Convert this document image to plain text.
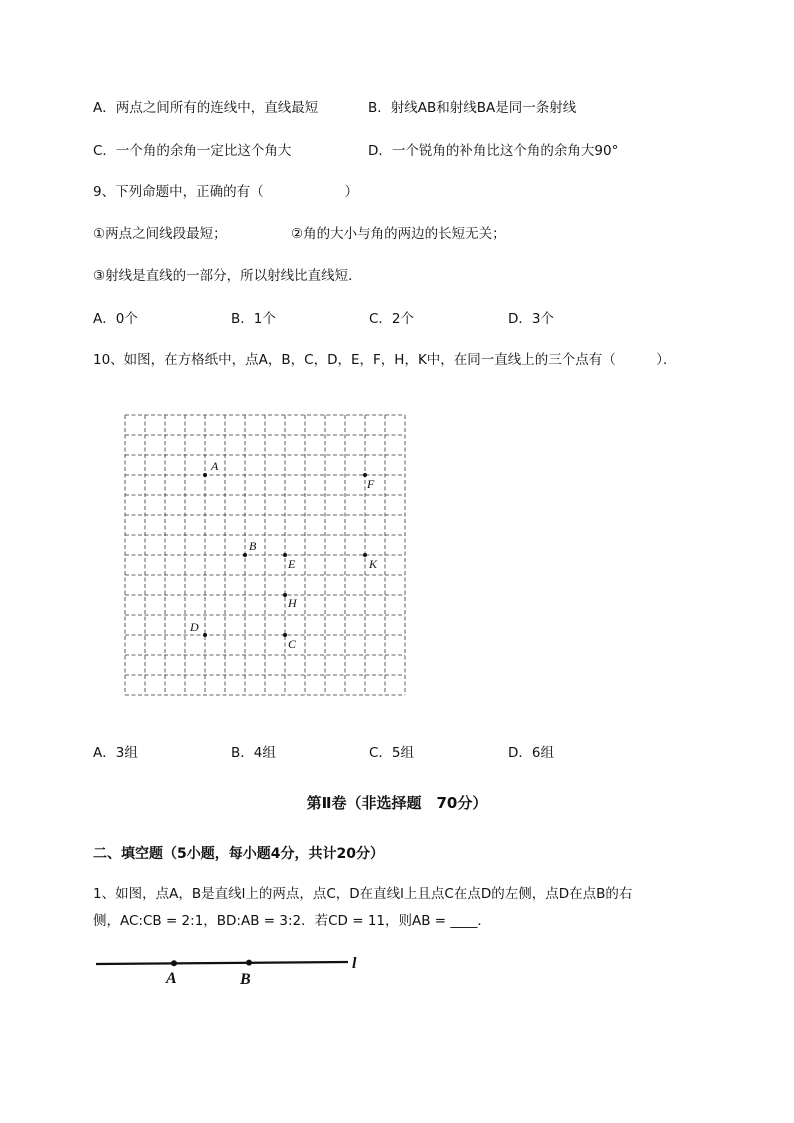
A．两点之间所有的连线中，直线最短	B．射线AB和射线BA是同一条射线
C．一个角的余角一定比这个角大	D．一个锐角的补角比这个角的余角大90°
9、下列命题中，正确的有（　　　　　　）
①两点之间线段最短；	②角的大小与角的两边的长短无关；
③射线是直线的一部分，所以射线比直线短．
A．0个	B．1个	C．2个	D．3个
10、如图，在方格纸中，点A，B，C，D，E，F，H，K中，在同一直线上的三个点有（　　　）．
A
F
B
E	K
H
D
C
A．3组	B．4组	C．5组	D．6组
第Ⅱ卷（非选择题　70分）
二、填空题（5小题，每小题4分，共计20分）
1、如图，点A，B是直线l上的两点，点C，D在直线l上且点C在点D的左侧，点D在点B的右
侧，AC:CB = 2:1，BD:AB = 3:2．若CD = 11，则AB = ____．
A	B
l
